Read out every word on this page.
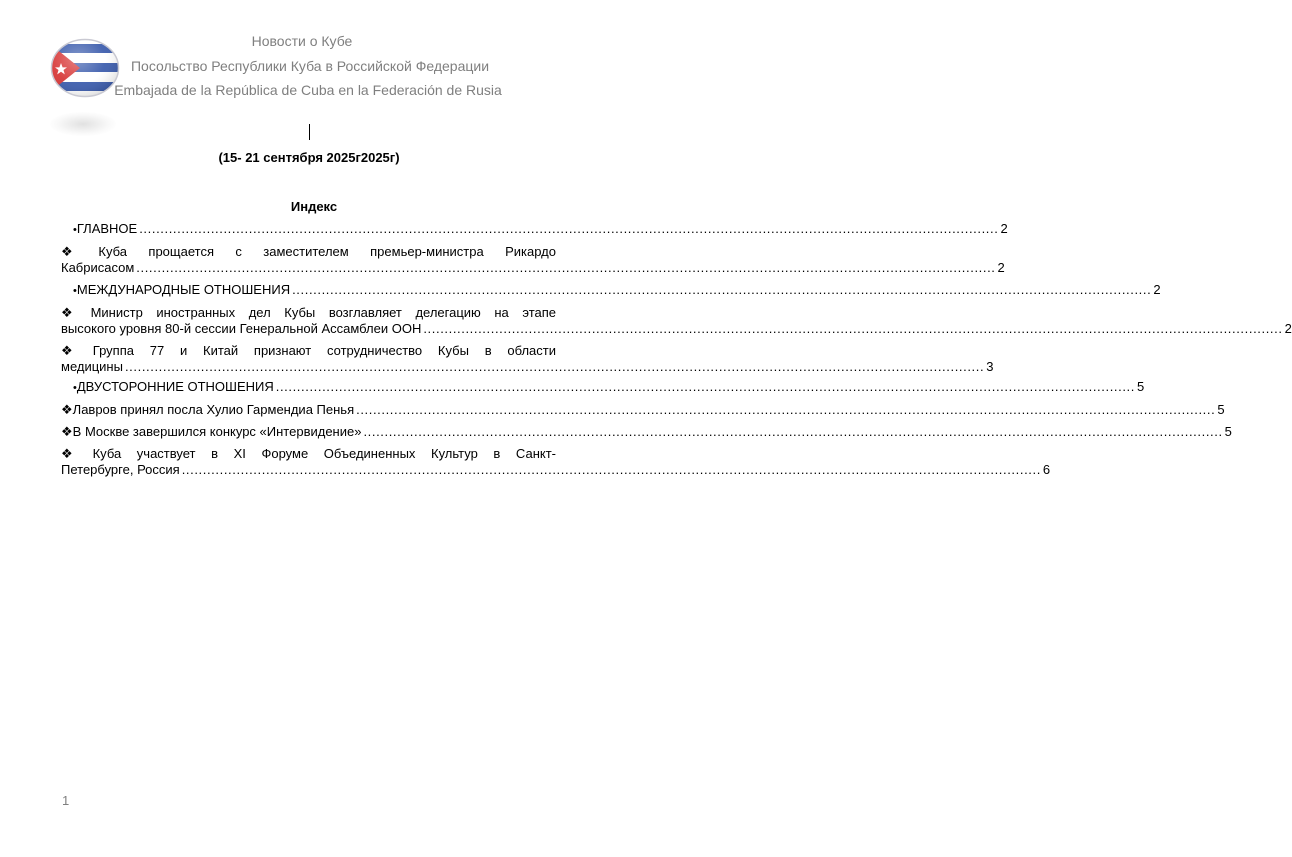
Новости о Кубе
Посольство Республики Куба в Российской Федерации
Embajada de la República de Cuba en la Federación de Rusia
(15- 21 сентября 2025г2025г)
Индекс
• ГЛАВНОЕ ............................................................................................................................................................................................................ 2
❖ Куба прощается с заместителем премьер-министра Рикардо
Кабрисасом ............................................................................................................................................................................................................ 2
• МЕЖДУНАРОДНЫЕ ОТНОШЕНИЯ ............................................................................................................................................................................................................ 2
❖ Министр иностранных дел Кубы возглавляет делегацию на этапе
высокого уровня 80-й сессии Генеральной Ассамблеи ООН ............................................................................................................................................................................................................ 2
❖ Группа 77 и Китай признают сотрудничество Кубы в области
медицины ............................................................................................................................................................................................................ 3
• ДВУСТОРОННИЕ ОТНОШЕНИЯ ............................................................................................................................................................................................................ 5
❖ Лавров принял посла Хулио Гармендиа Пенья ............................................................................................................................................................................................................ 5
❖ В Москве завершился конкурс «Интервидение» ............................................................................................................................................................................................................ 5
❖ Куба участвует в XI Форуме Объединенных Культур в Санкт-
Петербурге, Россия ............................................................................................................................................................................................................ 6
1
